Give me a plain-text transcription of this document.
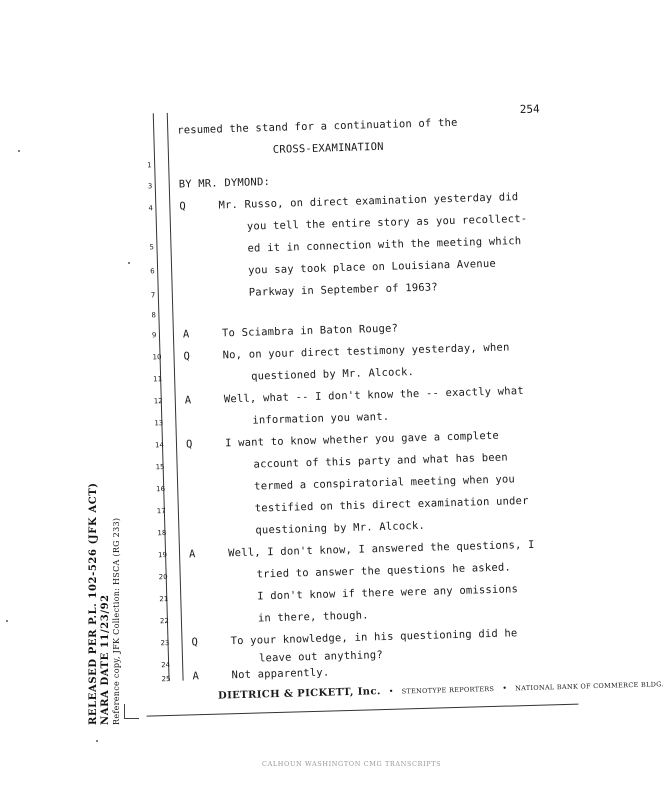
254
resumed the stand for a continuation of the
CROSS-EXAMINATION
1
3 BY MR. DYMOND:
4 Q     Mr. Russo, on direct examination yesterday did
you tell the entire story as you recollect-
5	ed it in connection with the meeting which
6	you say took place on Louisiana Avenue
7	Parkway in September of 1963?
8
9 A     To Sciambra in Baton Rouge?
10 Q     No, on your direct testimony yesterday, when
11	questioned by Mr. Alcock.
12 A     Well, what -- I don't know the -- exactly what
13	information you want.
14 Q     I want to know whether you gave a complete
15	account of this party and what has been
16	termed a conspiratorial meeting when you
17	testified on this direct examination under
18	questioning by Mr. Alcock.
19 A     Well, I don't know, I answered the questions, I
20	tried to answer the questions he asked.
21	I don't know if there were any omissions
in there, though.
22
23 Q     To your knowledge, in his questioning did he
leave out anything?
24
25 A     Not apparently.
DIETRICH & PICKETT, Inc. • STENOTYPE REPORTERS • NATIONAL BANK OF COMMERCE BLDG.
RELEASED PER P.L. 102-526 (JFK ACT) NARA DATE 11/23/92 Reference copy, JFK Collection: HSCA (RG 233)
CALHOUN WASHINGTON CMG TRANSCRIPTS
